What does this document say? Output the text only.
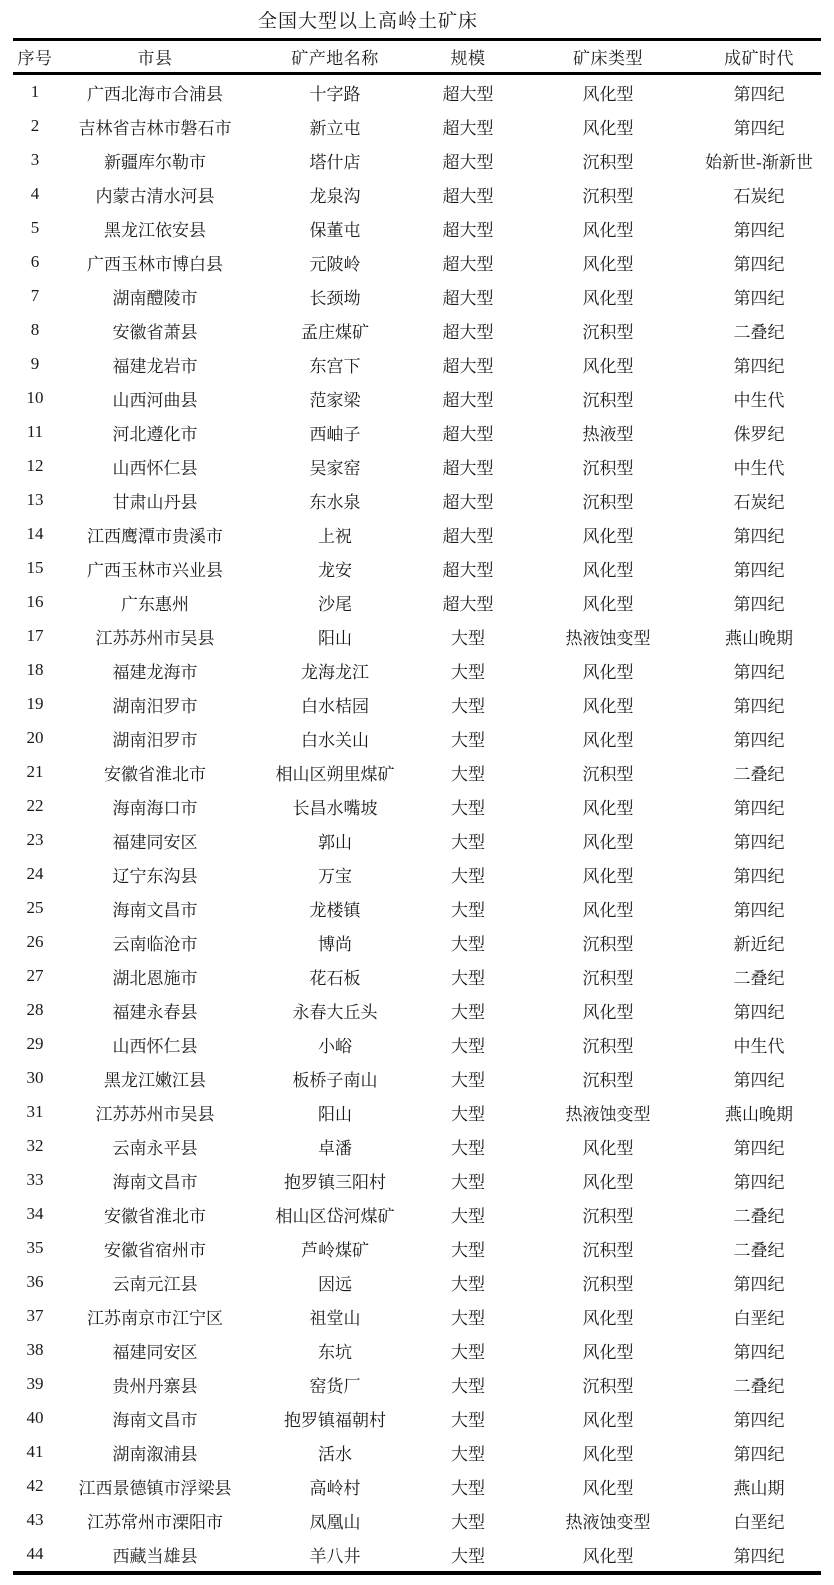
全国大型以上高岭土矿床
序号	市县	矿产地名称	规模	矿床类型	成矿时代
1	广西北海市合浦县	十字路	超大型	风化型	第四纪
2	吉林省吉林市磐石市	新立屯	超大型	风化型	第四纪
3	新疆库尔勒市	塔什店	超大型	沉积型	始新世-渐新世
4	内蒙古清水河县	龙泉沟	超大型	沉积型	石炭纪
5	黑龙江依安县	保董屯	超大型	风化型	第四纪
6	广西玉林市博白县	元陂岭	超大型	风化型	第四纪
7	湖南醴陵市	长颈坳	超大型	风化型	第四纪
8	安徽省萧县	孟庄煤矿	超大型	沉积型	二叠纪
9	福建龙岩市	东宫下	超大型	风化型	第四纪
10	山西河曲县	范家梁	超大型	沉积型	中生代
11	河北遵化市	西岫子	超大型	热液型	侏罗纪
12	山西怀仁县	吴家窑	超大型	沉积型	中生代
13	甘肃山丹县	东水泉	超大型	沉积型	石炭纪
14	江西鹰潭市贵溪市	上祝	超大型	风化型	第四纪
15	广西玉林市兴业县	龙安	超大型	风化型	第四纪
16	广东惠州	沙尾	超大型	风化型	第四纪
17	江苏苏州市吴县	阳山	大型	热液蚀变型	燕山晚期
18	福建龙海市	龙海龙江	大型	风化型	第四纪
19	湖南汨罗市	白水桔园	大型	风化型	第四纪
20	湖南汨罗市	白水关山	大型	风化型	第四纪
21	安徽省淮北市	相山区朔里煤矿	大型	沉积型	二叠纪
22	海南海口市	长昌水嘴坡	大型	风化型	第四纪
23	福建同安区	郭山	大型	风化型	第四纪
24	辽宁东沟县	万宝	大型	风化型	第四纪
25	海南文昌市	龙楼镇	大型	风化型	第四纪
26	云南临沧市	博尚	大型	沉积型	新近纪
27	湖北恩施市	花石板	大型	沉积型	二叠纪
28	福建永春县	永春大丘头	大型	风化型	第四纪
29	山西怀仁县	小峪	大型	沉积型	中生代
30	黑龙江嫩江县	板桥子南山	大型	沉积型	第四纪
31	江苏苏州市吴县	阳山	大型	热液蚀变型	燕山晚期
32	云南永平县	卓潘	大型	风化型	第四纪
33	海南文昌市	抱罗镇三阳村	大型	风化型	第四纪
34	安徽省淮北市	相山区岱河煤矿	大型	沉积型	二叠纪
35	安徽省宿州市	芦岭煤矿	大型	沉积型	二叠纪
36	云南元江县	因远	大型	沉积型	第四纪
37	江苏南京市江宁区	祖堂山	大型	风化型	白垩纪
38	福建同安区	东坑	大型	风化型	第四纪
39	贵州丹寨县	窑货厂	大型	沉积型	二叠纪
40	海南文昌市	抱罗镇福朝村	大型	风化型	第四纪
41	湖南溆浦县	活水	大型	风化型	第四纪
42	江西景德镇市浮梁县	高岭村	大型	风化型	燕山期
43	江苏常州市溧阳市	凤凰山	大型	热液蚀变型	白垩纪
44	西藏当雄县	羊八井	大型	风化型	第四纪
